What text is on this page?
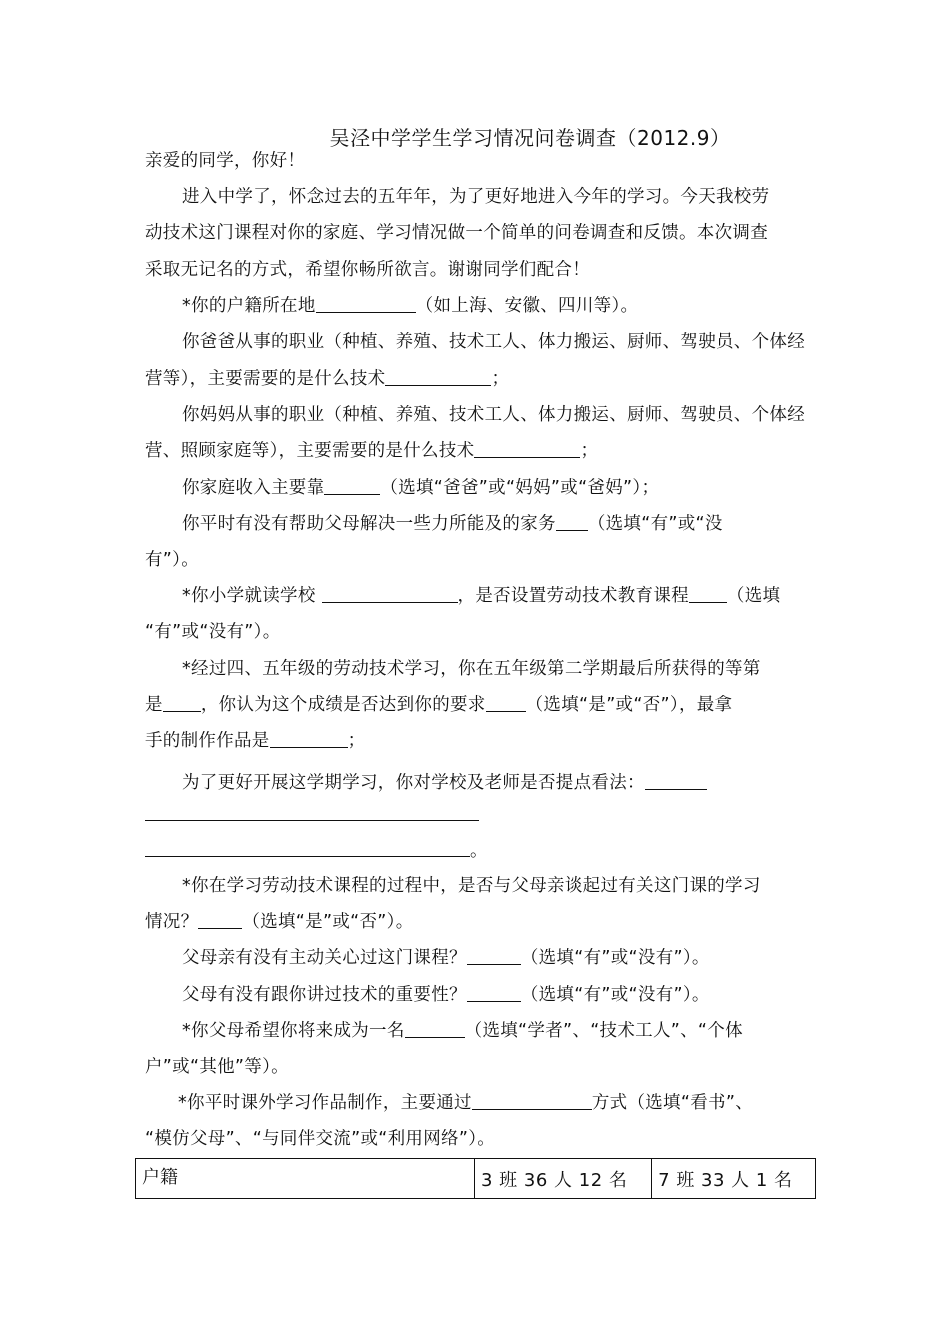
吴泾中学学生学习情况问卷调查（2012.9）
亲爱的同学，你好！
进入中学了，怀念过去的五年年，为了更好地进入今年的学习。今天我校劳
动技术这门课程对你的家庭、学习情况做一个简单的问卷调查和反馈。本次调查
采取无记名的方式，希望你畅所欲言。谢谢同学们配合！
*你的户籍所在地	（如上海、安徽、四川等）。
你爸爸从事的职业（种植、养殖、技术工人、体力搬运、厨师、驾驶员、个体经
营等），主要需要的是什么技术	；
你妈妈从事的职业（种植、养殖、技术工人、体力搬运、厨师、驾驶员、个体经
营、照顾家庭等），主要需要的是什么技术	；
你家庭收入主要靠	（选填“爸爸”或“妈妈”或“爸妈”）；
你平时有没有帮助父母解决一些力所能及的家务 （选填“有”或“没
有”）。
*你小学就读学校	，是否设置劳动技术教育课程 （选填
“有”或“没有”）。
*经过四、五年级的劳动技术学习，你在五年级第二学期最后所获得的等第
是 ，你认为这个成绩是否达到你的要求 （选填“是”或“否”），最拿
手的制作作品是	；
为了更好开展这学期学习，你对学校及老师是否提点看法：
。
*你在学习劳动技术课程的过程中，是否与父母亲谈起过有关这门课的学习
情况？	（选填“是”或“否”）。
父母亲有没有主动关心过这门课程？	（选填“有”或“没有”）。
父母有没有跟你讲过技术的重要性？	（选填“有”或“没有”）。
*你父母希望你将来成为一名	（选填“学者”、“技术工人”、“个体
户”或“其他”等）。
*你平时课外学习作品制作，主要通过	方式（选填“看书”、
“模仿父母”、“与同伴交流”或“利用网络”）。
户籍	3 班 36 人 12 名	7 班 33 人 1 名
